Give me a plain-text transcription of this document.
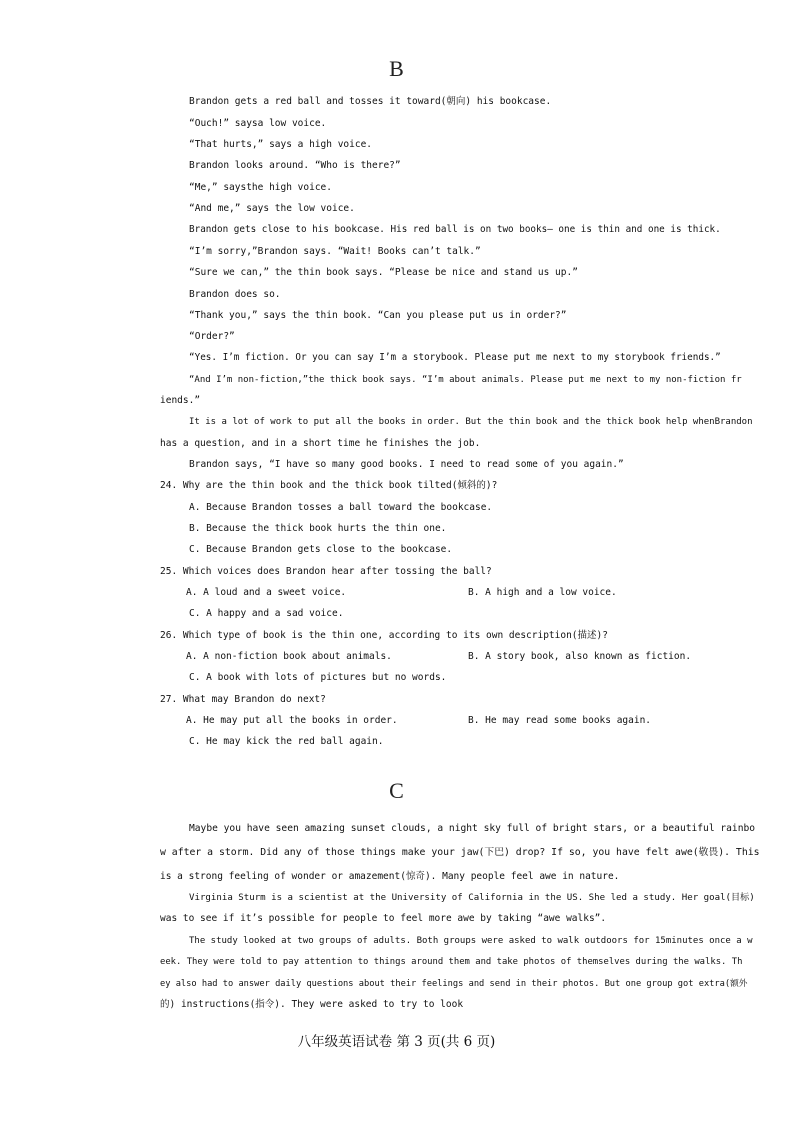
B
Brandon gets a red ball and tosses it toward(朝向) his bookcase.
“Ouch!” saysa low voice.
“That hurts,” says a high voice.
Brandon looks around. “Who is there?”
“Me,” saysthe high voice.
“And me,” says the low voice.
Brandon gets close to his bookcase. His red ball is on two books— one is thin and one is thick.
“I’m sorry,”Brandon says. “Wait! Books can’t talk.”
“Sure we can,” the thin book says. “Please be nice and stand us up.”
Brandon does so.
“Thank you,” says the thin book. “Can you please put us in order?”
“Order?”
“Yes. I’m fiction. Or you can say I’m a storybook. Please put me next to my storybook friends.”
“And I’m non-fiction,”the thick book says. “I’m about animals. Please put me next to my non-fiction fr
iends.”
It is a lot of work to put all the books in order. But the thin book and the thick book help whenBrandon
has a question, and in a short time he finishes the job.
Brandon says, “I have so many good books. I need to read some of you again.”
24. Why are the thin book and the thick book tilted(倾斜的)?
A. Because Brandon tosses a ball toward the bookcase.
B. Because the thick book hurts the thin one.
C. Because Brandon gets close to the bookcase.
25. Which voices does Brandon hear after tossing the ball?
A. A loud and a sweet voice.	B. A high and a low voice.
C. A happy and a sad voice.
26. Which type of book is the thin one, according to its own description(描述)?
A. A non-fiction book about animals.	B. A story book, also known as fiction.
C. A book with lots of pictures but no words.
27. What may Brandon do next?
A. He may put all the books in order.	B. He may read some books again.
C. He may kick the red ball again.
C
Maybe you have seen amazing sunset clouds, a night sky full of bright stars, or a beautiful rainbo
w after a storm. Did any of those things make your jaw(下巴) drop? If so, you have felt awe(敬畏). This
is a strong feeling of wonder or amazement(惊奇). Many people feel awe in nature.
Virginia Sturm is a scientist at the University of California in the US. She led a study. Her goal(目标)
was to see if it’s possible for people to feel more awe by taking “awe walks”.
The study looked at two groups of adults. Both groups were asked to walk outdoors for 15minutes once a w
eek. They were told to pay attention to things around them and take photos of themselves during the walks. Th
ey also had to answer daily questions about their feelings and send in their photos. But one group got extra(额外
的) instructions(指令). They were asked to try to look
八年级英语试卷 第 3 页(共 6 页)
